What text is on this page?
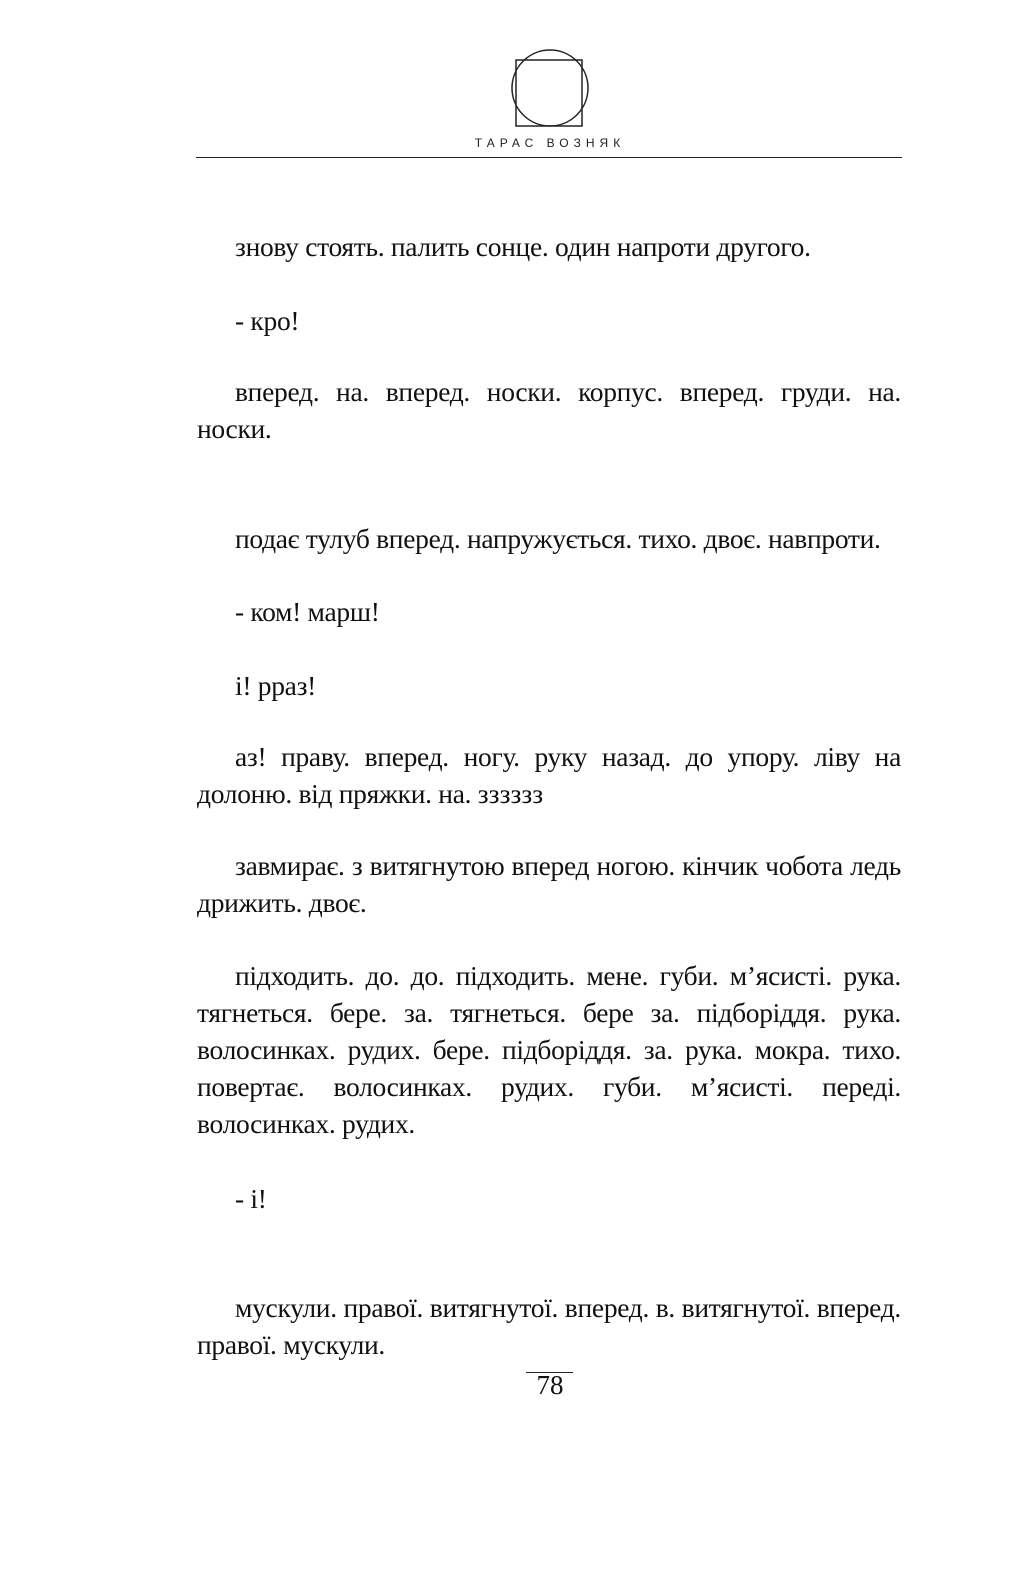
ТАРАС ВОЗНЯК

знову стоять. палить сонце. один напроти другого.

- кро!

вперед. на. вперед. носки. корпус. вперед. груди. на. носки.

подає тулуб вперед. напружується. тихо. двоє. навпроти.

- ком! марш!

і! рраз!

аз! праву. вперед. ногу. руку назад. до упору. ліву на долоню. від пряжки. на. зззззз

завмирає. з витягнутою вперед ногою. кінчик чобота ледь дрижить. двоє.

підходить. до. до. підходить. мене. губи. м’ясисті. рука. тягнеться. бере. за. тягнеться. бере за. підборіддя. рука. волосинках. рудих. бере. підборіддя. за. рука. мокра. тихо. повертає. волосинках. рудих. губи. м’ясисті. переді. волосинках. рудих.

- і!

мускули. правої. витягнутої. вперед. в. витягнутої. вперед. правої. мускули.

78
